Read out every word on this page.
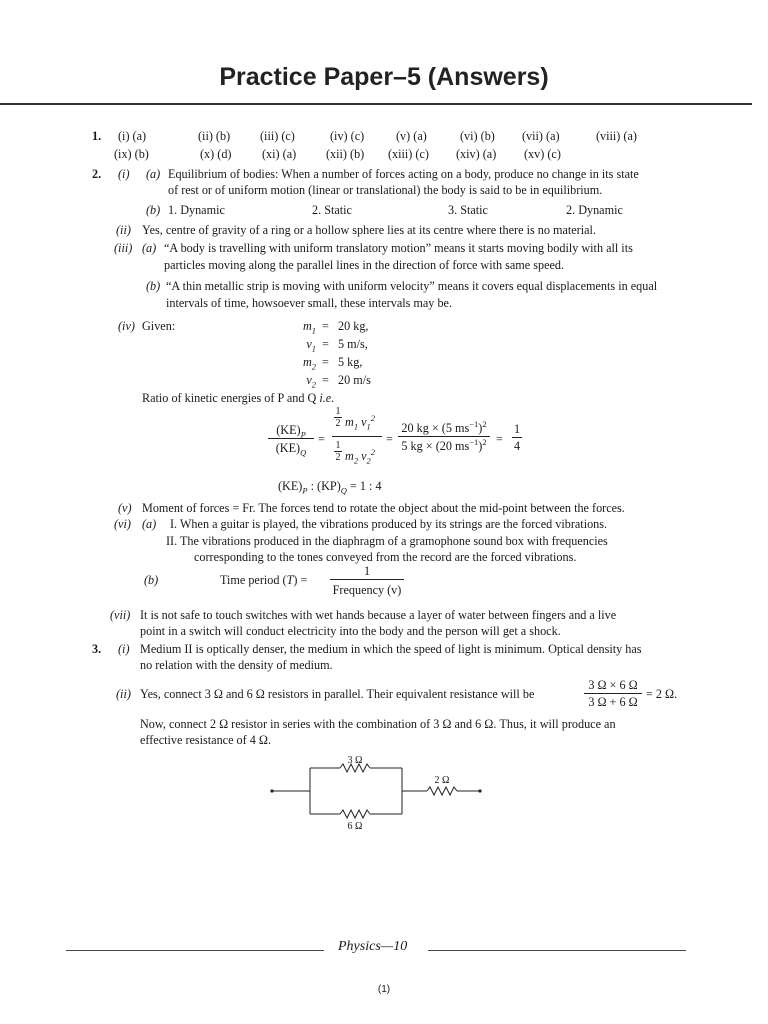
Practice Paper–5 (Answers)
1. (i) (a)	(ii) (b) (iii) (c)	(iv) (c)	(v) (a)	(vi) (b) (vii) (a)	(viii) (a)
(ix) (b)	(x) (d)	(xi) (a) (xii) (b) (xiii) (c) (xiv) (a) (xv) (c)
2. (i) (a) Equilibrium of bodies: When a number of forces acting on a body, produce no change in its state
of rest or of uniform motion (linear or translational) the body is said to be in equilibrium.
(b) 1. Dynamic	2. Static	3. Static	2. Dynamic
(ii) Yes, centre of gravity of a ring or a hollow sphere lies at its centre where there is no material.
(iii) (a) “A body is travelling with uniform translatory motion” means it starts moving bodily with all its
particles moving along the parallel lines in the direction of force with same speed.
(b) “A thin metallic strip is moving with uniform velocity” means it covers equal displacements in equal
intervals of time, howsoever small, these intervals may be.
(iv) Given:	$m_1 = 20$ kg,
$v_1 = 5$ m/s,
$m_2 = 5$ kg,
$v_2 = 20$ m/s
Ratio of kinetic energies of P and Q i.e.
$(KE)_P$
$(KE)_Q$
=
1
2 $m_1$ $v_1^2$
1
2 $m_2$ $v_2^2$
=
20 kg × (5 $ms^{-1})^2$
5 kg × (20 $ms^{-1})^2$ =
1
4
$(KE)_P$ : $(KP)_Q = 1$ : 4
(v) Moment of forces = Fr. The forces tend to rotate the object about the mid-point between the forces.
(vi) (a) I. When a guitar is played, the vibrations produced by its strings are the forced vibrations.
II. The vibrations produced in the diaphragm of a gramophone sound box with frequencies
corresponding to the tones conveyed from the record are the forced vibrations.
(b)	Time period (T) =
1
Frequency (v)
(vii) It is not safe to touch switches with wet hands because a layer of water between fingers and a live
point in a switch will conduct electricity into the body and the person will get a shock.
3. (i) Medium II is optically denser, the medium in which the speed of light is minimum. Optical density has
no relation with the density of medium.
(ii) Yes, connect 3 Ω and 6 Ω resistors in parallel. Their equivalent resistance will be
3 Ω × 6 Ω
3 Ω + 6 Ω
= 2 Ω.
Now, connect 2 Ω resistor in series with the combination of 3 Ω and 6 Ω. Thus, it will produce an
effective resistance of 4 Ω.
3 Ω
6 Ω
2 Ω
Physics—10
(1)
